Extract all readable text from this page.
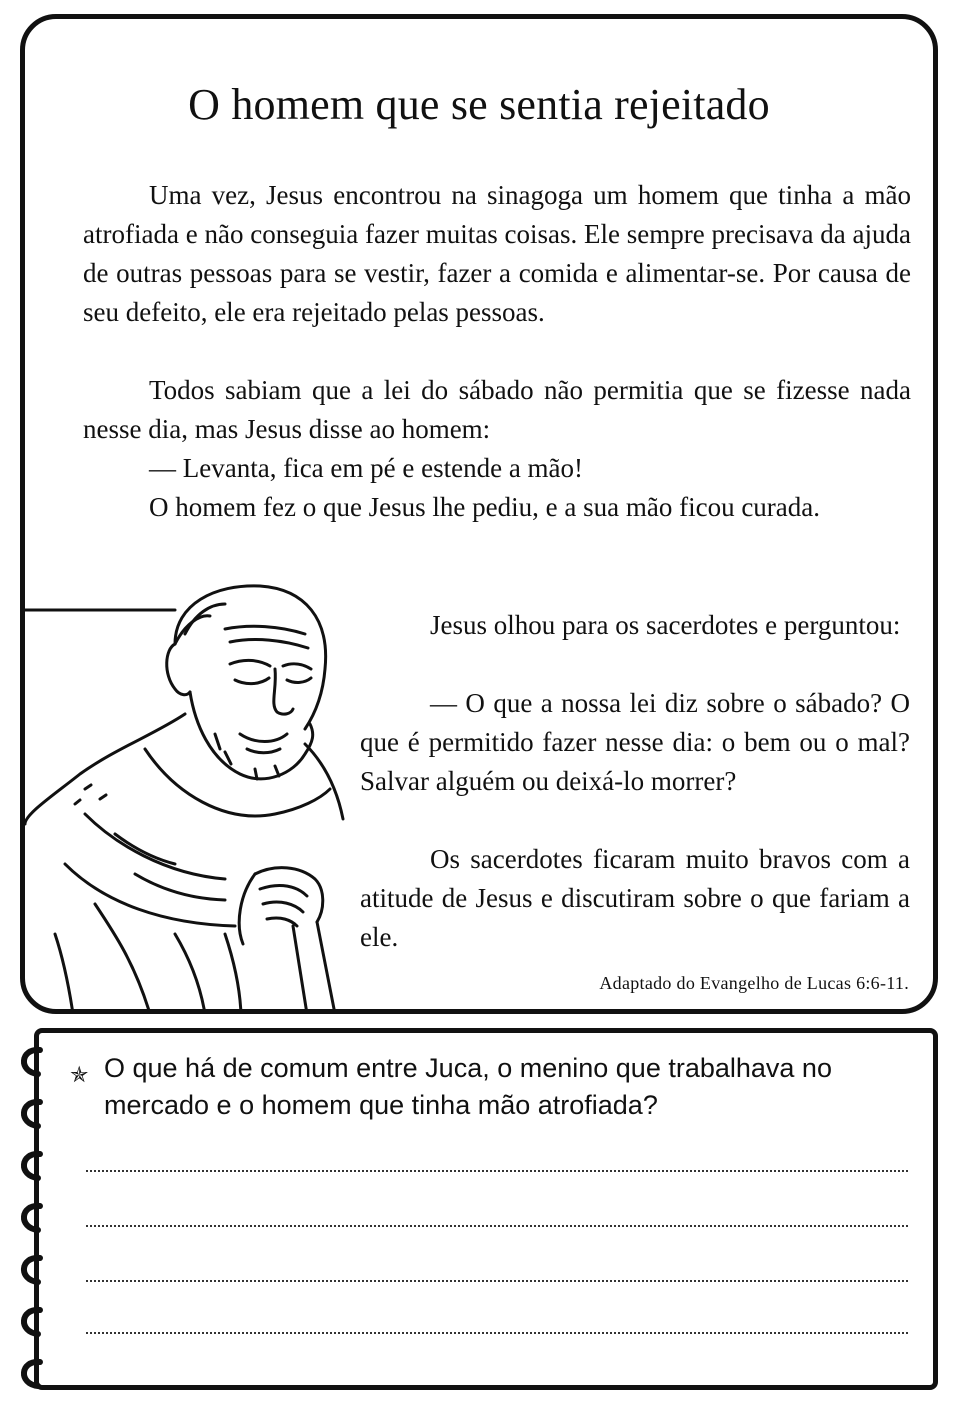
O homem que se sentia rejeitado

Uma vez, Jesus encontrou na sinagoga um homem que tinha a mão atrofiada e não conseguia fazer muitas coisas. Ele sempre precisava da ajuda de outras pessoas para se vestir, fazer a comida e alimentar-se. Por causa de seu defeito, ele era rejeitado pelas pessoas.

Todos sabiam que a lei do sábado não permitia que se fizesse nada nesse dia, mas Jesus disse ao homem:

— Levanta, fica em pé e estende a mão!

O homem fez o que Jesus lhe pediu, e a sua mão ficou curada.

Jesus olhou para os sacerdotes e perguntou:

— O que a nossa lei diz sobre o sábado? O que é permitido fazer nesse dia: o bem ou o mal? Salvar alguém ou deixá-lo morrer?

Os sacerdotes ficaram muito bravos com a atitude de Jesus e discutiram sobre o que fariam a ele.

Adaptado do Evangelho de Lucas 6:6-11.

✯ O que há de comum entre Juca, o menino que trabalhava no mercado e o homem que tinha mão atrofiada?
